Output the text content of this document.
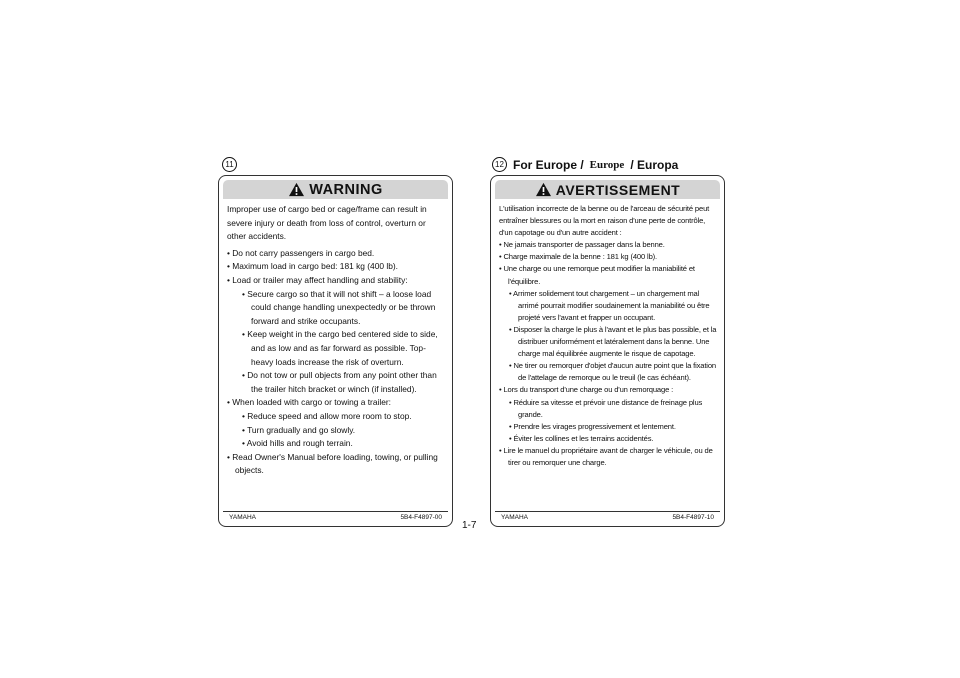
11	12 For Europe / Europe / Europa
WARNING

Improper use of cargo bed or cage/frame can result in severe injury or death from loss of control, overturn or other accidents.

• Do not carry passengers in cargo bed.

• Maximum load in cargo bed: 181 kg (400 lb).

• Load or trailer may affect handling and stability:

• Secure cargo so that it will not shift – a loose load could change handling unexpectedly or be thrown forward and strike occupants.

• Keep weight in the cargo bed centered side to side, and as low and as far forward as possible. Top-heavy loads increase the risk of overturn.

• Do not tow or pull objects from any point other than the trailer hitch bracket or winch (if installed).

• When loaded with cargo or towing a trailer:

• Reduce speed and allow more room to stop.

• Turn gradually and go slowly.

• Avoid hills and rough terrain.

• Read Owner's Manual before loading, towing, or pulling objects.

YAMAHA	5B4-F4897-00
AVERTISSEMENT

L'utilisation incorrecte de la benne ou de l'arceau de sécurité peut entraîner blessures ou la mort en raison d'une perte de contrôle, d'un capotage ou d'un autre accident :

• Ne jamais transporter de passager dans la benne.

• Charge maximale de la benne : 181 kg (400 lb).

• Une charge ou une remorque peut modifier la maniabilité et l'équilibre.

• Arrimer solidement tout chargement – un chargement mal arrimé pourrait modifier soudainement la maniabilité ou être projeté vers l'avant et frapper un occupant.

• Disposer la charge le plus à l'avant et le plus bas possible, et la distribuer uniformément et latéralement dans la benne. Une charge mal équilibrée augmente le risque de capotage.

• Ne tirer ou remorquer d'objet d'aucun autre point que la fixation de l'attelage de remorque ou le treuil (le cas échéant).

• Lors du transport d'une charge ou d'un remorquage :

• Réduire sa vitesse et prévoir une distance de freinage plus grande.

• Prendre les virages progressivement et lentement.

• Éviter les collines et les terrains accidentés.

• Lire le manuel du propriétaire avant de charger le véhicule, ou de tirer ou remorquer une charge.

YAMAHA	5B4-F4897-10
1-7
